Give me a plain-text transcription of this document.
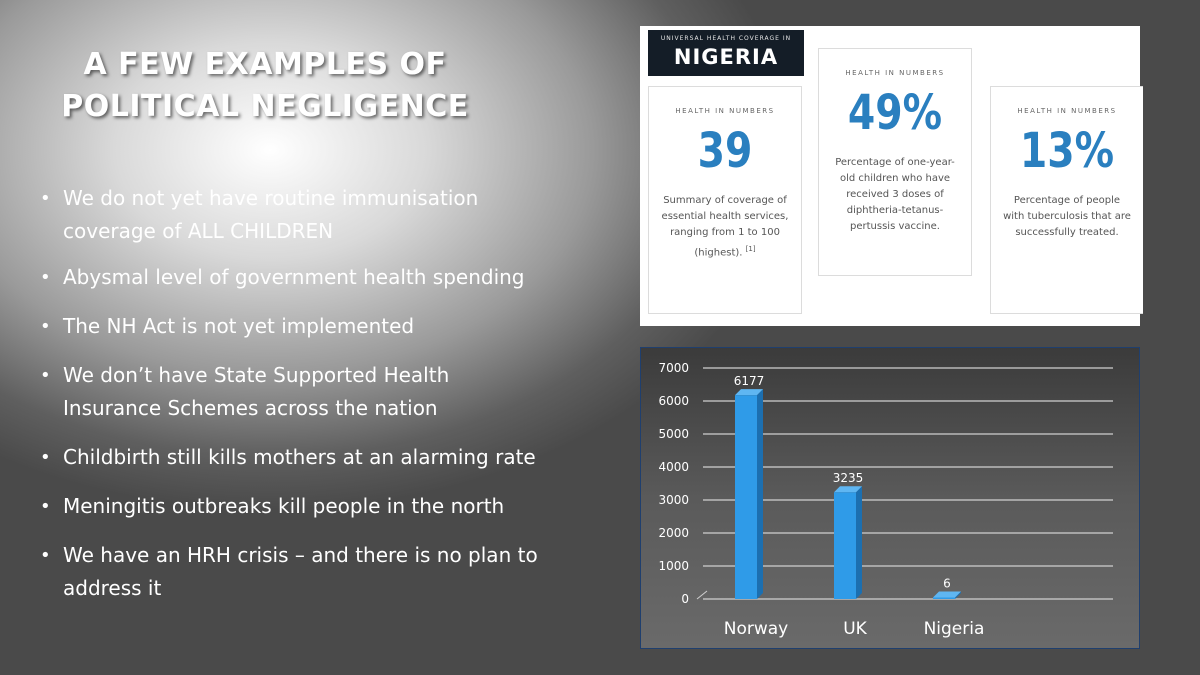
A FEW EXAMPLES OF
POLITICAL NEGLIGENCE
• We do not yet have routine immunisation coverage of ALL CHILDREN
• Abysmal level of government health spending
• The NH Act is not yet implemented
• We don’t have State Supported Health Insurance Schemes across the nation
• Childbirth still kills mothers at an alarming rate
• Meningitis outbreaks kill people in the north
• We have an HRH crisis – and there is no plan to address it
UNIVERSAL HEALTH COVERAGE IN
NIGERIA
HEALTH IN NUMBERS
39
Summary of coverage of essential health services, ranging from 1 to 100 (highest). [1]
HEALTH IN NUMBERS
49%
Percentage of one-year-old children who have received 3 doses of diphtheria-tetanus-pertussis vaccine.
HEALTH IN NUMBERS
13%
Percentage of people with tuberculosis that are successfully treated.
0
1000
2000
3000
4000
5000
6000
7000
6177
Norway
3235
UK
6
Nigeria
